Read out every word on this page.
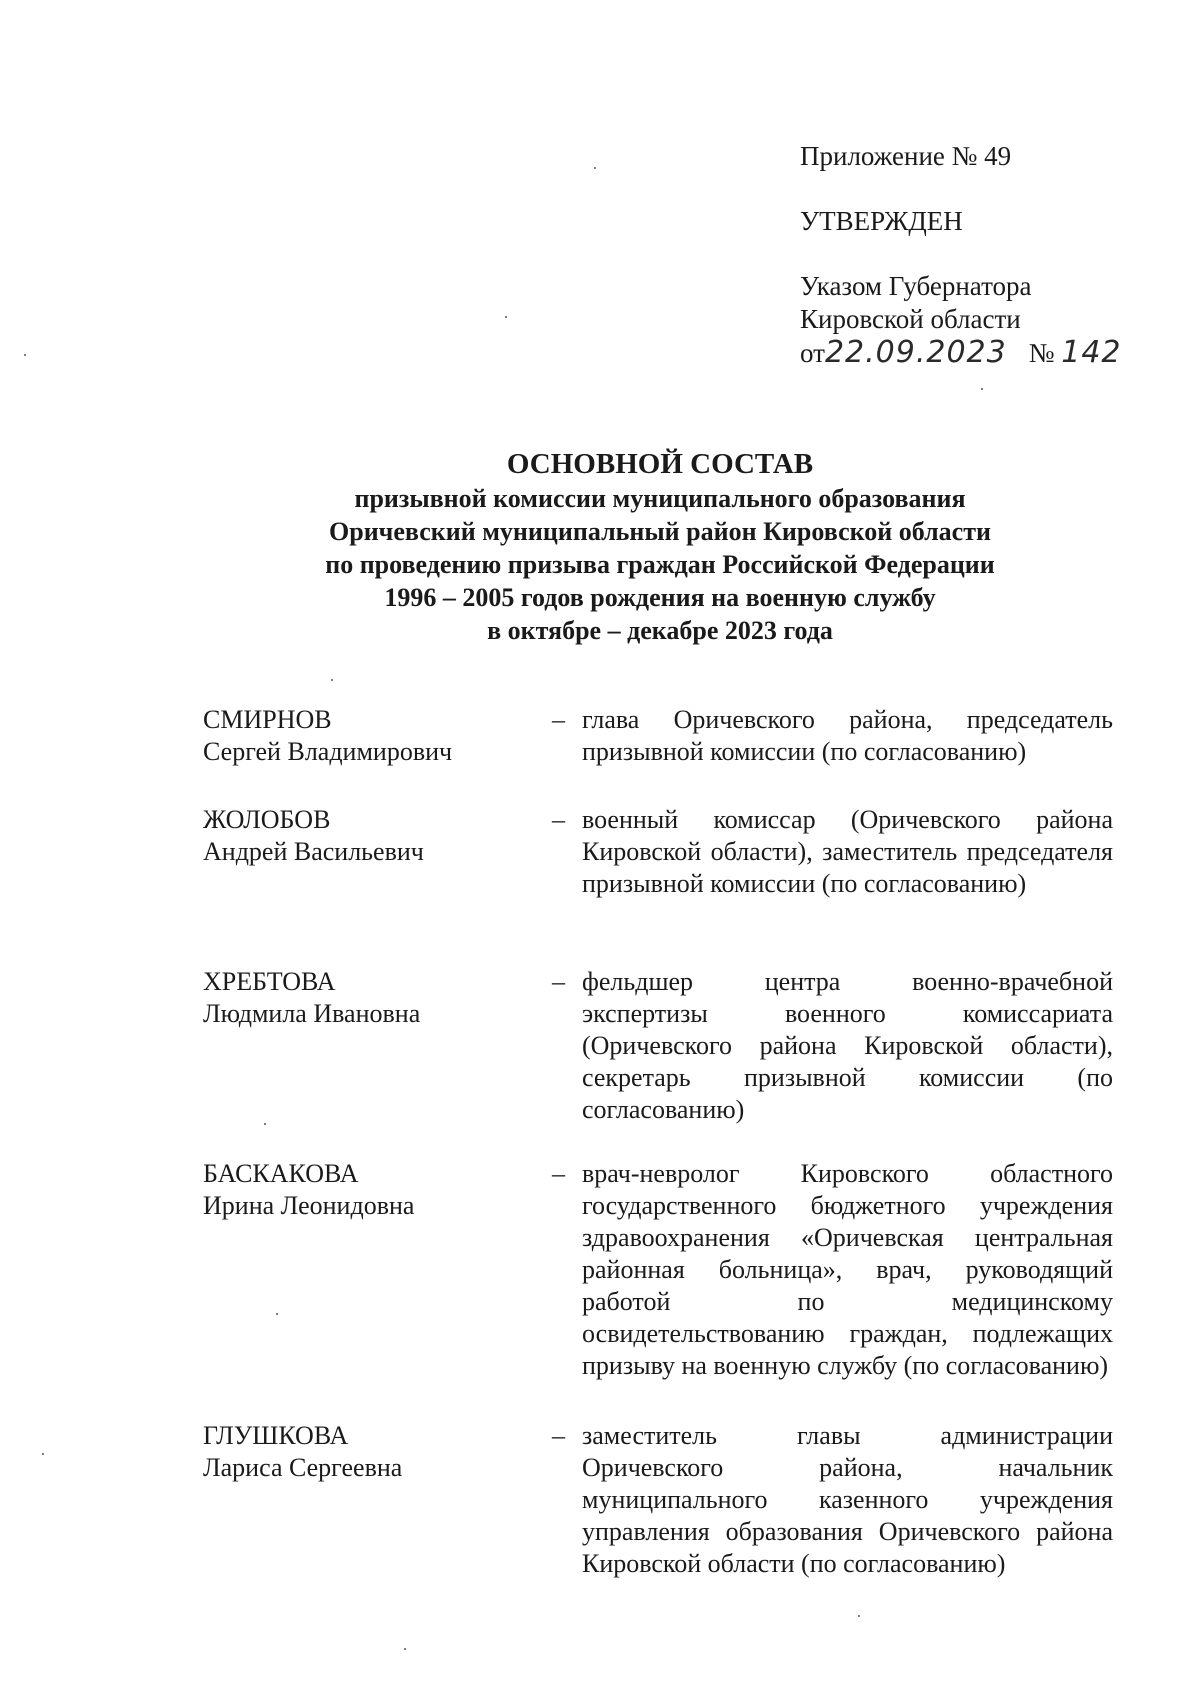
Приложение № 49
УТВЕРЖДЕН
Указом Губернатора
Кировской области
от22.09.2023 № 142
ОСНОВНОЙ СОСТАВ
призывной комиссии муниципального образования
Оричевский муниципальный район Кировской области
по проведению призыва граждан Российской Федерации
1996 – 2005 годов рождения на военную службу
в октябре – декабре 2023 года
СМИРНОВ
Сергей Владимирович
– глава Оричевского района, председатель призывной комиссии (по согласованию)
ЖОЛОБОВ
Андрей Васильевич
– военный комиссар (Оричевского района Кировской области), заместитель председателя призывной комиссии (по согласованию)
ХРЕБТОВА
Людмила Ивановна
– фельдшер центра военно-врачебной экспертизы военного комиссариата (Оричевского района Кировской области), секретарь призывной комиссии (по согласованию)
БАСКАКОВА
Ирина Леонидовна
– врач-невролог Кировского областного государственного бюджетного учреждения здравоохранения «Оричевская центральная районная больница», врач, руководящий работой по медицинскому освидетельствованию граждан, подлежащих призыву на военную службу (по согласованию)
ГЛУШКОВА
Лариса Сергеевна
– заместитель главы администрации Оричевского района, начальник муниципального казенного учреждения управления образования Оричевского района Кировской области (по согласованию)
